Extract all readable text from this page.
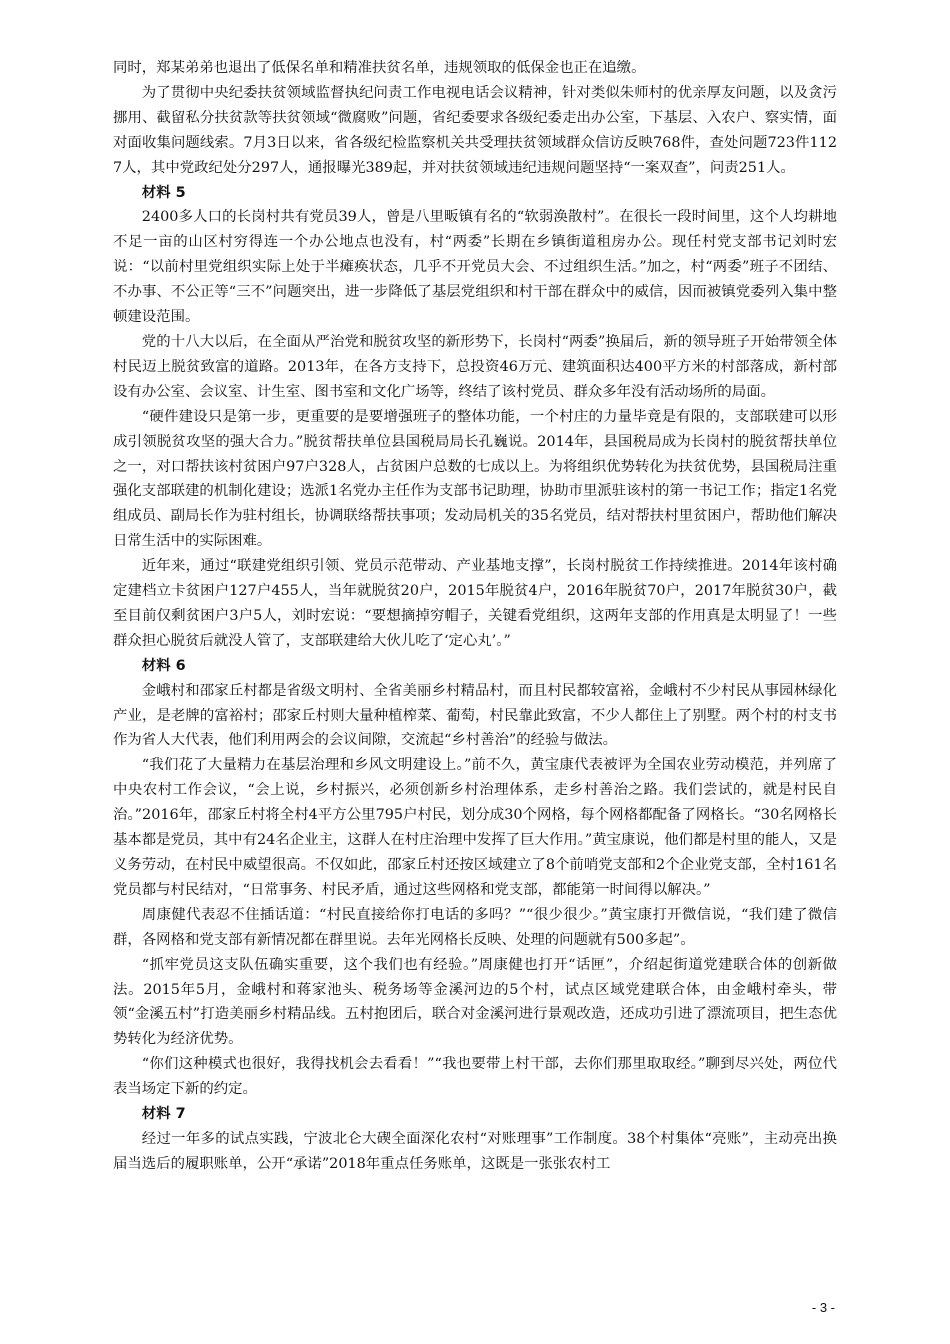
同时，郑某弟弟也退出了低保名单和精准扶贫名单，违规领取的低保金也正在追缴。

为了贯彻中央纪委扶贫领域监督执纪问责工作电视电话会议精神，针对类似朱师村的优亲厚友问题，以及贪污挪用、截留私分扶贫款等扶贫领域“微腐败”问题，省纪委要求各级纪委走出办公室，下基层、入农户、察实情，面对面收集问题线索。7月3日以来，省各级纪检监察机关共受理扶贫领域群众信访反映768件，查处问题723件1127人，其中党政纪处分297人，通报曝光389起，并对扶贫领域违纪违规问题坚持“一案双查”，问责251人。

材料 5

2400多人口的长岗村共有党员39人，曾是八里畈镇有名的“软弱涣散村”。在很长一段时间里，这个人均耕地不足一亩的山区村穷得连一个办公地点也没有，村“两委”长期在乡镇街道租房办公。现任村党支部书记刘时宏说：“以前村里党组织实际上处于半瘫痪状态，几乎不开党员大会、不过组织生活。”加之，村“两委”班子不团结、不办事、不公正等“三不”问题突出，进一步降低了基层党组织和村干部在群众中的威信，因而被镇党委列入集中整顿建设范围。

党的十八大以后，在全面从严治党和脱贫攻坚的新形势下，长岗村“两委”换届后，新的领导班子开始带领全体村民迈上脱贫致富的道路。2013年，在各方支持下，总投资46万元、建筑面积达400平方米的村部落成，新村部设有办公室、会议室、计生室、图书室和文化广场等，终结了该村党员、群众多年没有活动场所的局面。

“硬件建设只是第一步，更重要的是要增强班子的整体功能，一个村庄的力量毕竟是有限的，支部联建可以形成引领脱贫攻坚的强大合力。”脱贫帮扶单位县国税局局长孔巍说。2014年，县国税局成为长岗村的脱贫帮扶单位之一，对口帮扶该村贫困户97户328人，占贫困户总数的七成以上。为将组织优势转化为扶贫优势，县国税局注重强化支部联建的机制化建设；选派1名党办主任作为支部书记助理，协助市里派驻该村的第一书记工作；指定1名党组成员、副局长作为驻村组长，协调联络帮扶事项；发动局机关的35名党员，结对帮扶村里贫困户，帮助他们解决日常生活中的实际困难。

近年来，通过“联建党组织引领、党员示范带动、产业基地支撑”，长岗村脱贫工作持续推进。2014年该村确定建档立卡贫困户127户455人，当年就脱贫20户，2015年脱贫4户，2016年脱贫70户，2017年脱贫30户，截至目前仅剩贫困户3户5人，刘时宏说：“要想摘掉穷帽子，关键看党组织，这两年支部的作用真是太明显了！一些群众担心脱贫后就没人管了，支部联建给大伙儿吃了‘定心丸’。”

材料 6

金峨村和邵家丘村都是省级文明村、全省美丽乡村精品村，而且村民都较富裕，金峨村不少村民从事园林绿化产业，是老牌的富裕村；邵家丘村则大量种植榨菜、葡萄，村民靠此致富，不少人都住上了别墅。两个村的村支书作为省人大代表，他们利用两会的会议间隙，交流起“乡村善治”的经验与做法。

“我们花了大量精力在基层治理和乡风文明建设上。”前不久，黄宝康代表被评为全国农业劳动模范，并列席了中央农村工作会议，“会上说，乡村振兴，必须创新乡村治理体系，走乡村善治之路。我们尝试的，就是村民自治。”2016年，邵家丘村将全村4平方公里795户村民，划分成30个网格，每个网格都配备了网格长。“30名网格长基本都是党员，其中有24名企业主，这群人在村庄治理中发挥了巨大作用。”黄宝康说，他们都是村里的能人，又是义务劳动，在村民中威望很高。不仅如此，邵家丘村还按区域建立了8个前哨党支部和2个企业党支部，全村161名党员都与村民结对，“日常事务、村民矛盾，通过这些网格和党支部，都能第一时间得以解决。”

周康健代表忍不住插话道：“村民直接给你打电话的多吗？”“很少很少。”黄宝康打开微信说，“我们建了微信群，各网格和党支部有新情况都在群里说。去年光网格长反映、处理的问题就有500多起”。

“抓牢党员这支队伍确实重要，这个我们也有经验。”周康健也打开“话匣”，介绍起街道党建联合体的创新做法。2015年5月，金峨村和蒋家池头、税务场等金溪河边的5个村，试点区域党建联合体，由金峨村牵头，带领“金溪五村”打造美丽乡村精品线。五村抱团后，联合对金溪河进行景观改造，还成功引进了漂流项目，把生态优势转化为经济优势。

“你们这种模式也很好，我得找机会去看看！”“我也要带上村干部，去你们那里取取经。”聊到尽兴处，两位代表当场定下新的约定。

材料 7

经过一年多的试点实践，宁波北仑大碶全面深化农村“对账理事”工作制度。38个村集体“亮账”，主动亮出换届当选后的履职账单，公开“承诺”2018年重点任务账单，这既是一张张农村工

- 3 -
